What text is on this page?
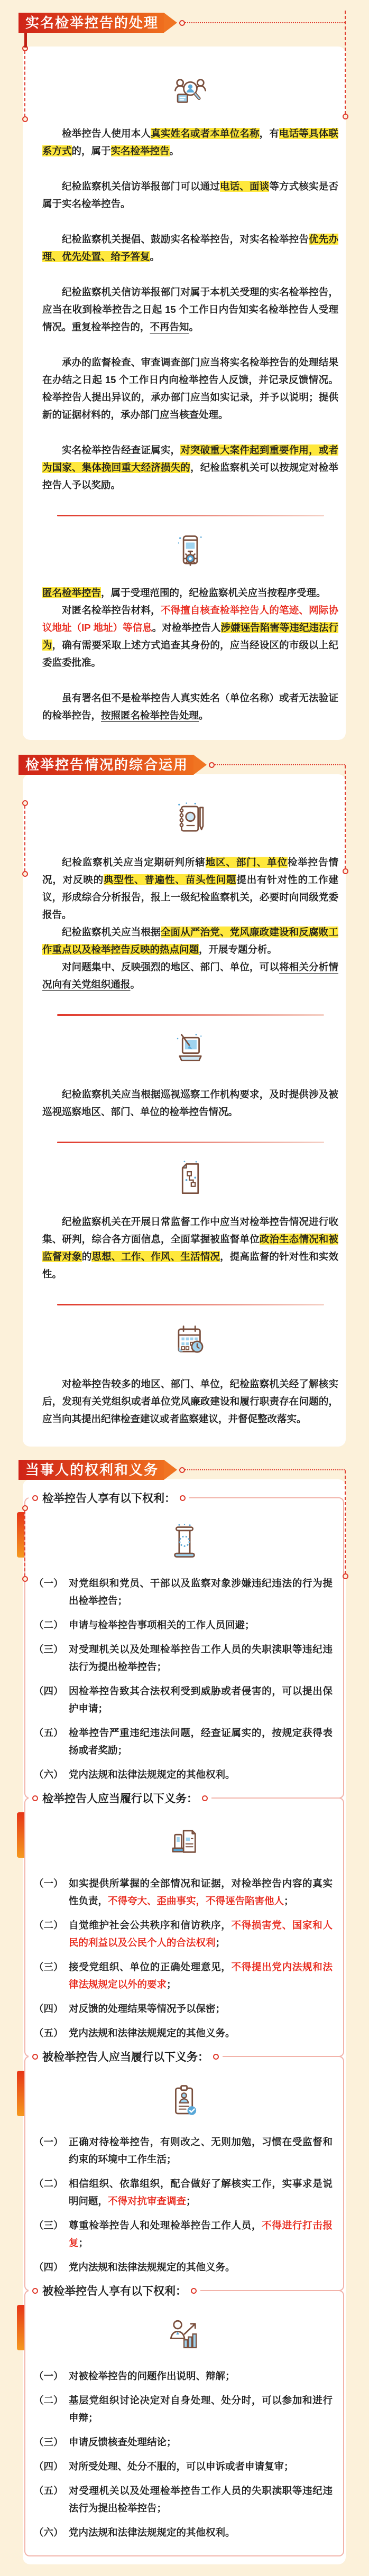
实名检举控告的处理

检举控告人使用本人真实姓名或者本单位名称，有电话等具体联系方式的，属于实名检举控告。

纪检监察机关信访举报部门可以通过电话、面谈等方式核实是否属于实名检举控告。

纪检监察机关提倡、鼓励实名检举控告，对实名检举控告优先办理、优先处置、给予答复。

纪检监察机关信访举报部门对属于本机关受理的实名检举控告，应当在收到检举控告之日起 15 个工作日内告知实名检举控告人受理情况。重复检举控告的，不再告知。

承办的监督检查、审查调查部门应当将实名检举控告的处理结果在办结之日起 15 个工作日内向检举控告人反馈，并记录反馈情况。检举控告人提出异议的，承办部门应当如实记录，并予以说明；提供新的证据材料的，承办部门应当核查处理。

实名检举控告经查证属实，对突破重大案件起到重要作用，或者为国家、集体挽回重大经济损失的，纪检监察机关可以按规定对检举控告人予以奖励。

匿名检举控告，属于受理范围的，纪检监察机关应当按程序受理。

对匿名检举控告材料，不得擅自核查检举控告人的笔迹、网际协议地址（IP 地址）等信息。对检举控告人涉嫌诬告陷害等违纪违法行为，确有需要采取上述方式追查其身份的，应当经设区的市级以上纪委监委批准。

虽有署名但不是检举控告人真实姓名（单位名称）或者无法验证的检举控告，按照匿名检举控告处理。

检举控告情况的综合运用

纪检监察机关应当定期研判所辖地区、部门、单位检举控告情况，对反映的典型性、普遍性、苗头性问题提出有针对性的工作建议，形成综合分析报告，报上一级纪检监察机关，必要时向同级党委报告。

纪检监察机关应当根据全面从严治党、党风廉政建设和反腐败工作重点以及检举控告反映的热点问题，开展专题分析。

对问题集中、反映强烈的地区、部门、单位，可以将相关分析情况向有关党组织通报。

纪检监察机关应当根据巡视巡察工作机构要求，及时提供涉及被巡视巡察地区、部门、单位的检举控告情况。

纪检监察机关在开展日常监督工作中应当对检举控告情况进行收集、研判，综合各方面信息，全面掌握被监督单位政治生态情况和被监督对象的思想、工作、作风、生活情况，提高监督的针对性和实效性。

对检举控告较多的地区、部门、单位，纪检监察机关经了解核实后，发现有关党组织或者单位党风廉政建设和履行职责存在问题的，应当向其提出纪律检查建议或者监察建议，并督促整改落实。

当事人的权利和义务
检举控告人享有以下权利：
（一） 对党组织和党员、干部以及监察对象涉嫌违纪违法的行为提出检举控告；
（二） 申请与检举控告事项相关的工作人员回避；
（三） 对受理机关以及处理检举控告工作人员的失职渎职等违纪违法行为提出检举控告；
（四） 因检举控告致其合法权利受到威胁或者侵害的，可以提出保护申请；
（五） 检举控告严重违纪违法问题，经查证属实的，按规定获得表扬或者奖励；
（六） 党内法规和法律法规规定的其他权利。
检举控告人应当履行以下义务：
（一） 如实提供所掌握的全部情况和证据，对检举控告内容的真实性负责，不得夸大、歪曲事实，不得诬告陷害他人；
（二） 自觉维护社会公共秩序和信访秩序，不得损害党、国家和人民的利益以及公民个人的合法权利；
（三） 接受党组织、单位的正确处理意见，不得提出党内法规和法律法规规定以外的要求；
（四） 对反馈的处理结果等情况予以保密；
（五） 党内法规和法律法规规定的其他义务。
被检举控告人应当履行以下义务：
（一） 正确对待检举控告，有则改之、无则加勉，习惯在受监督和约束的环境中工作生活；
（二） 相信组织、依靠组织，配合做好了解核实工作，实事求是说明问题，不得对抗审查调查；
（三） 尊重检举控告人和处理检举控告工作人员，不得进行打击报复；
（四） 党内法规和法律法规规定的其他义务。
被检举控告人享有以下权利：
（一） 对被检举控告的问题作出说明、辩解；
（二） 基层党组织讨论决定对自身处理、处分时，可以参加和进行申辩；
（三） 申请反馈核查处理结论；
（四） 对所受处理、处分不服的，可以申诉或者申请复审；
（五） 对受理机关以及处理检举控告工作人员的失职渎职等违纪违法行为提出检举控告；
（六） 党内法规和法律法规规定的其他权利。
